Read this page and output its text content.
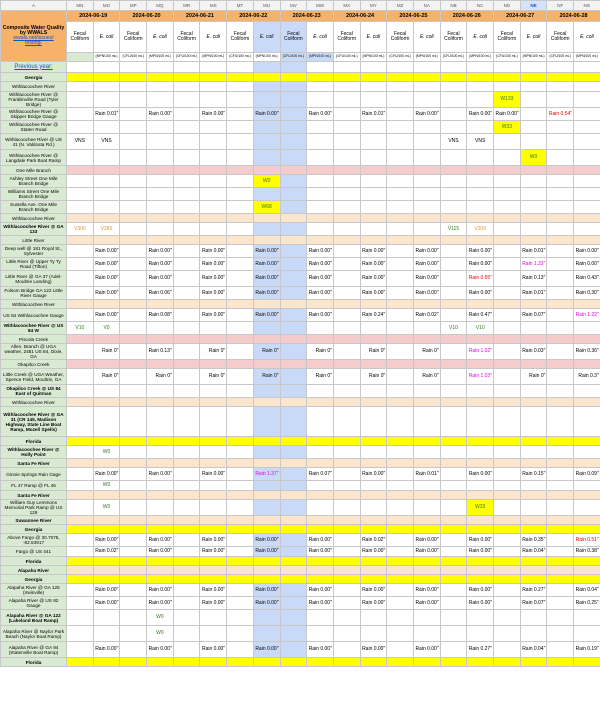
A	MN	MO	MP	MQ	MR	MS	MT	MU	MV	MW	MX	MY	MZ	NA	NB	NC	ND	NE	NF	NG	

Composite Water Quality
by WWALS
wwals.net/issues/
testing/	2024-06-19		2024-06-20		2024-06-21		2024-06-22		2024-06-23		2024-06-24		2024-06-25		2024-06-26		2024-06-27		2024-06-28		
	Fecal Coliform	E. coli	Fecal Coliform	E. coli	Fecal Coliform	E. coli	Fecal Coliform	E. coli	Fecal Coliform	E. coli	Fecal Coliform	E. coli	Fecal Coliform	E. coli	Fecal Coliform	E. coli	Fecal Coliform	E. coli	Fecal Coliform	E. coli	
		(MPN/100 mL)	(CFU/100 mL)	(MPN/100 mL)	(CFU/100 mL)	(MPN/100 mL)	(CFU/100 mL)	(MPN/100 mL)	(CFU/100 mL)	(MPN/100 mL)	(CFU/100 mL)	(MPN/100 mL)	(CFU/100 mL)	(MPN/100 mL)	(CFU/100 mL)	(MPN/100 mL)	(CFU/100 mL)	(MPN/100 mL)	(CFU/100 mL)	(MPN/100 mL)	
Previous year:																					
Georgia																					
Withlacoochee River																					
Withlacoochee River @ Franklinville Road (Tyler Bridge)																	W133				
Withlacoochee River @ Skipper Bridge Gauge		Rain 0.01"		Rain 0.00"		Rain 0.00"		Rain 0.00"		Rain 0.00"		Rain 0.01"		Rain 0.00"		Rain 0.00"	Rain 0.00"		Rain 0.54"		
Withlacoochee River @ Staten Road																	W33				
Withlacoochee River @ US 41 (N. Valdosta Rd.)	VNS	VNS													VNS	VNS					
Withlacoochee River @ Langdale Park Boat Ramp																		W0			
One Mile Branch																					
Ashley Street One Mile Branch Bridge								W0													
Williams Street One Mile Branch Bridge																					
Sustella Ave. One Mile Branch Bridge								W68													
Withlacoochee River																					
Withlacoochee River @ GA 133	V300	V285													V115	V205					
Little River																					
Deep well @ 181 Royal St., Sylvester		Rain 0.00"		Rain 0.00"		Rain 0.00"		Rain 0.00"		Rain 0.00"		Rain 0.00"		Rain 0.00"		Rain 0.00"		Rain 0.01"		Rain 0.00"	
Little River @ Upper Ty Ty Road (Tifton)		Rain 0.00"		Rain 0.00"		Rain 0.00"		Rain 0.00"		Rain 0.00"		Rain 0.00"		Rain 0.00"		Rain 0.00"		Rain 1.33"		Rain 0.00"	
Little River @ GA 37 (Adel-Moultrie Landing)		Rain 0.00"		Rain 0.00"		Rain 0.00"		Rain 0.00"		Rain 0.00"		Rain 0.00"		Rain 0.00"		Rain 0.55"		Rain 0.13"		Rain 0.43"	
Folsom Bridge GA 122 Little River Gauge		Rain 0.00"		Rain 0.06"		Rain 0.00"		Rain 0.00"		Rain 0.00"		Rain 0.00"		Rain 0.00"		Rain 0.00"		Rain 0.01"		Rain 0.30"	
Withlacoochee River																					
US 84 Withlacoochee Gauge		Rain 0.00"		Rain 0.08"		Rain 0.00"		Rain 0.00"		Rain 0.00"		Rain 0.24"		Rain 0.02"		Rain 0.47"		Rain 0.07"		Rain 1.22"	
Withlacoochee River @ US 84 W	V10	V0													V10	V10					
Piscola Creek																					
Allen. Branch @ UGA weather, 2481 US 84, Dixie, GA		Rain 0"		Rain 0.13"		Rain 0"		Rain 0"		Rain 0"		Rain 0"		Rain 0"		Rain 1.02"		Rain 0.03"		Rain 0.36"	
Okapilco Creek																					
Little Creek @ UGA Weather, Spence Field, Moultrie, GA		Rain 0"		Rain 0"		Rain 0"		Rain 0"		Rain 0"		Rain 0"		Rain 0"		Rain 1.03"		Rain 0"		Rain 0.3"	
Okapilco Creek @ US 84 East of Quitman																					
Withlacoochee River																					
Withlacoochee River @ GA 31 (CR 145, Madison Highway, State Line Boat Ramp, Mozell Spells)																					
Florida																					
Withlacoochee River @ Holly Point		W0																			
Santa Fe River																					
Ginnie Springs Rain Gage		Rain 0.00"		Rain 0.00"		Rain 0.00"		Rain 1.37"		Rain 0.07"		Rain 0.00"		Rain 0.01"		Rain 0.00"		Rain 0.15"		Rain 0.09"	
FL 47 Ramp @ FL 46		W0																			
Santa Fe River																					
William Guy Lemmons Memorial Park Ramp @ US 129		W0														W33					
Suwannee River																					
Georgia																					
Above Fargo @ 30.7075, -82.53917		Rain 0.00"		Rain 0.00"		Rain 0.00"		Rain 0.00"		Rain 0.00"		Rain 0.02"		Rain 0.00"		Rain 0.00"		Rain 0.35"		Rain 0.51"	
Fargo @ US 441		Rain 0.02"		Rain 0.00"		Rain 0.00"		Rain 0.00"		Rain 0.00"		Rain 0.00"		Rain 0.00"		Rain 0.00"		Rain 0.04"		Rain 0.38"	
Florida																					
Alapaha River																					
Georgia																					
Alapaha River @ GA 125 (Irwinville)		Rain 0.00"		Rain 0.00"		Rain 0.00"		Rain 0.00"		Rain 0.00"		Rain 0.00"		Rain 0.00"		Rain 0.00"		Rain 0.27"		Rain 0.04"	
Alapaha River @ US 82 Gauge		Rain 0.00"		Rain 0.00"		Rain 0.00"		Rain 0.00"		Rain 0.00"		Rain 0.00"		Rain 0.00"		Rain 0.00"		Rain 0.07"		Rain 0.25"	
Alapaha River @ GA 122 (Lakeland Boat Ramp)				W0																	
Alapaha River @ Naylor Park Beach (Naylor Boat Ramp)				W0																	
Alapaha River @ GA 94 (Statenville Boat Ramp)		Rain 0.00"		Rain 0.00"		Rain 0.00"		Rain 0.00"		Rain 0.00"		Rain 0.00"		Rain 0.00"		Rain 0.27"		Rain 0.04"		Rain 0.19"	
Florida																					
